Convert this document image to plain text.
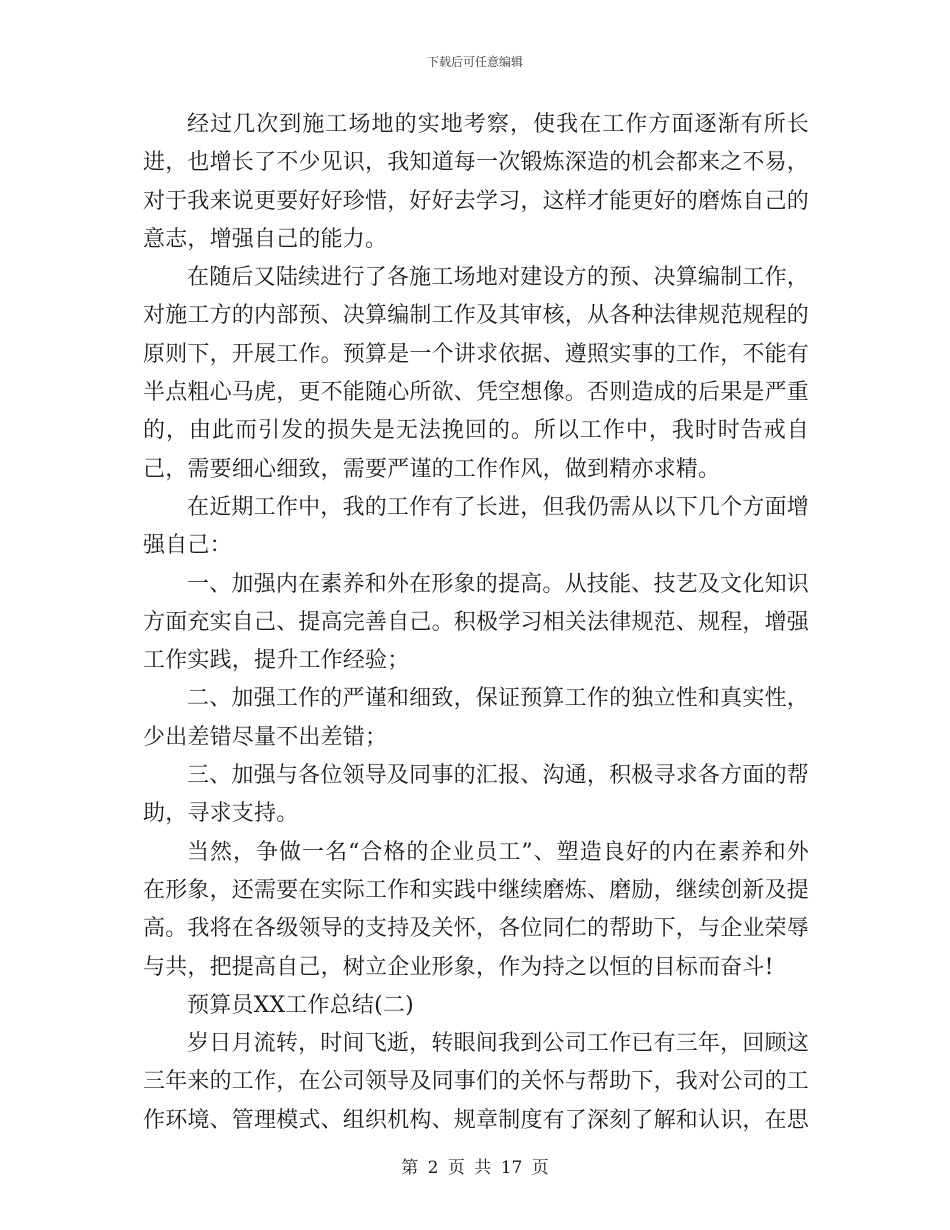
下载后可任意编辑

经过几次到施工场地的实地考察，使我在工作方面逐渐有所长进，也增长了不少见识，我知道每一次锻炼深造的机会都来之不易，对于我来说更要好好珍惜，好好去学习，这样才能更好的磨炼自己的意志，增强自己的能力。

在随后又陆续进行了各施工场地对建设方的预、决算编制工作，对施工方的内部预、决算编制工作及其审核，从各种法律规范规程的原则下，开展工作。预算是一个讲求依据、遵照实事的工作，不能有半点粗心马虎，更不能随心所欲、凭空想像。否则造成的后果是严重的，由此而引发的损失是无法挽回的。所以工作中，我时时告戒自己，需要细心细致，需要严谨的工作作风，做到精亦求精。

在近期工作中，我的工作有了长进，但我仍需从以下几个方面增强自己：

一、加强内在素养和外在形象的提高。从技能、技艺及文化知识方面充实自己、提高完善自己。积极学习相关法律规范、规程，增强工作实践，提升工作经验；

二、加强工作的严谨和细致，保证预算工作的独立性和真实性，少出差错尽量不出差错；

三、加强与各位领导及同事的汇报、沟通，积极寻求各方面的帮助，寻求支持。

当然，争做一名“合格的企业员工”、塑造良好的内在素养和外在形象，还需要在实际工作和实践中继续磨炼、磨励，继续创新及提高。我将在各级领导的支持及关怀，各位同仁的帮助下，与企业荣辱与共，把提高自己，树立企业形象，作为持之以恒的目标而奋斗!

预算员XX工作总结(二)

岁日月流转，时间飞逝，转眼间我到公司工作已有三年，回顾这三年来的工作，在公司领导及同事们的关怀与帮助下，我对公司的工作环境、管理模式、组织机构、规章制度有了深刻了解和认识，在思

第 2 页 共 17 页
